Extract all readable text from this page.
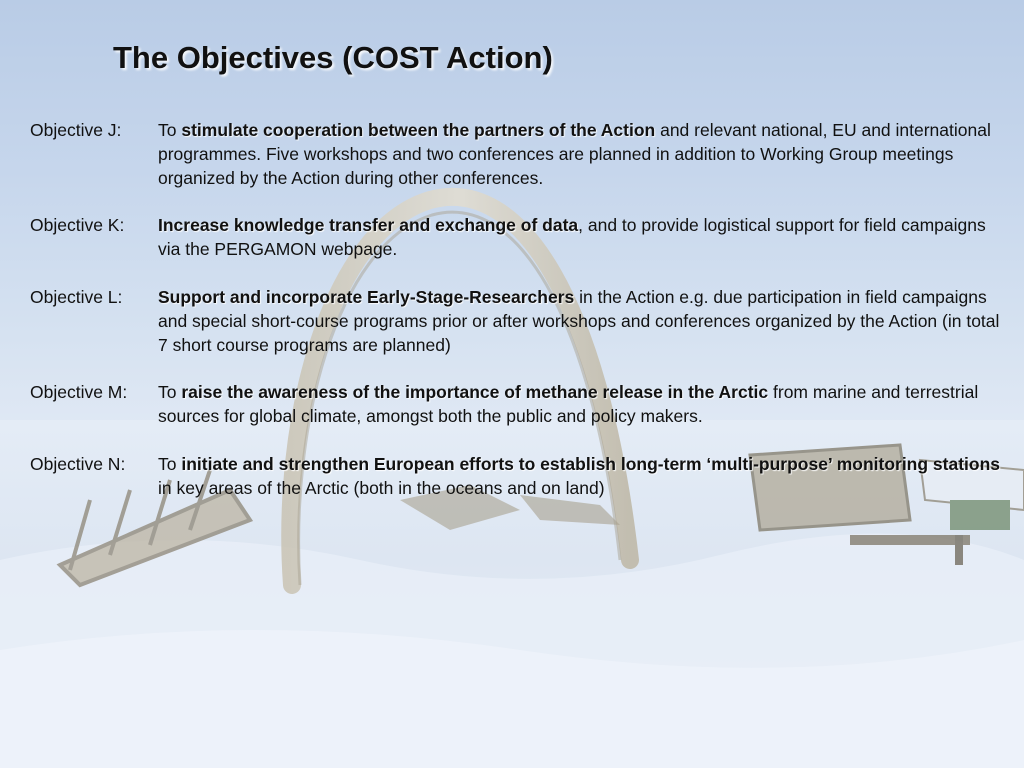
The Objectives (COST Action)
Objective J: To stimulate cooperation between the partners of the Action and relevant national, EU and international programmes. Five workshops and two conferences are planned in addition to Working Group meetings organized by the Action during other conferences.
Objective K: Increase knowledge transfer and exchange of data, and to provide logistical support for field campaigns via the PERGAMON webpage.
Objective L: Support and incorporate Early-Stage-Researchers in the Action e.g. due participation in field campaigns and special short-course programs prior or after workshops and conferences organized by the Action (in total 7 short course programs are planned)
Objective M: To raise the awareness of the importance of methane release in the Arctic from marine and terrestrial sources for global climate, amongst both the public and policy makers.
Objective N: To initiate and strengthen European efforts to establish long-term ‘multi-purpose’ monitoring stations in key areas of the Arctic (both in the oceans and on land)
